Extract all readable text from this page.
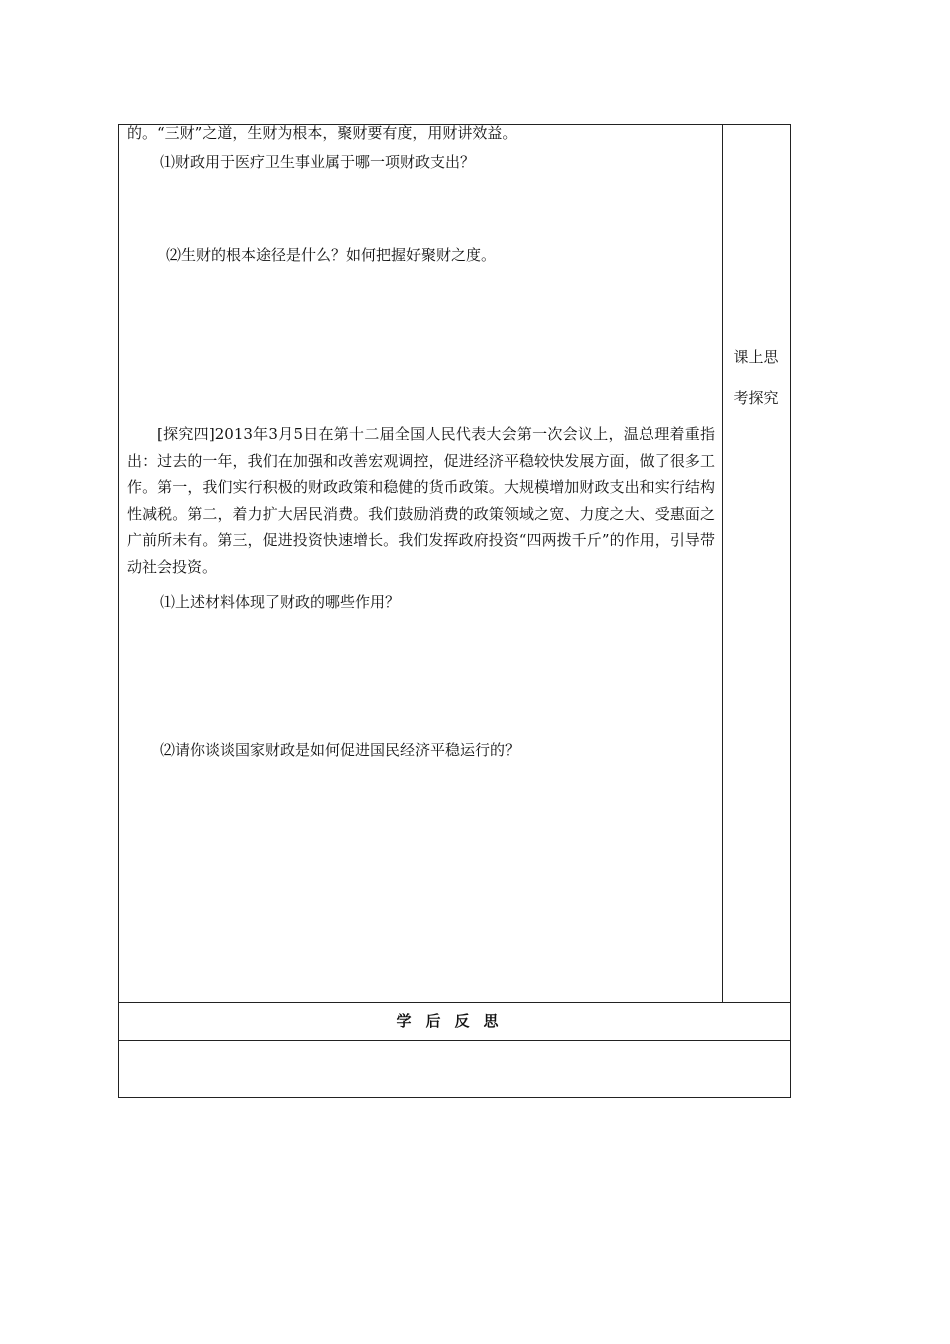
的。“三财”之道，生财为根本，聚财要有度，用财讲效益。
⑴财政用于医疗卫生事业属于哪一项财政支出？
⑵生财的根本途径是什么？如何把握好聚财之度。
[探究四]2013年3月5日在第十二届全国人民代表大会第一次会议上，温总理着重指出：过去的一年，我们在加强和改善宏观调控，促进经济平稳较快发展方面，做了很多工作。第一，我们实行积极的财政政策和稳健的货币政策。大规模增加财政支出和实行结构性减税。第二，着力扩大居民消费。我们鼓励消费的政策领域之宽、力度之大、受惠面之广前所未有。第三，促进投资快速增长。我们发挥政府投资“四两拨千斤”的作用，引导带动社会投资。
⑴上述材料体现了财政的哪些作用？
⑵请你谈谈国家财政是如何促进国民经济平稳运行的？
课上思
考探究
学后反思
